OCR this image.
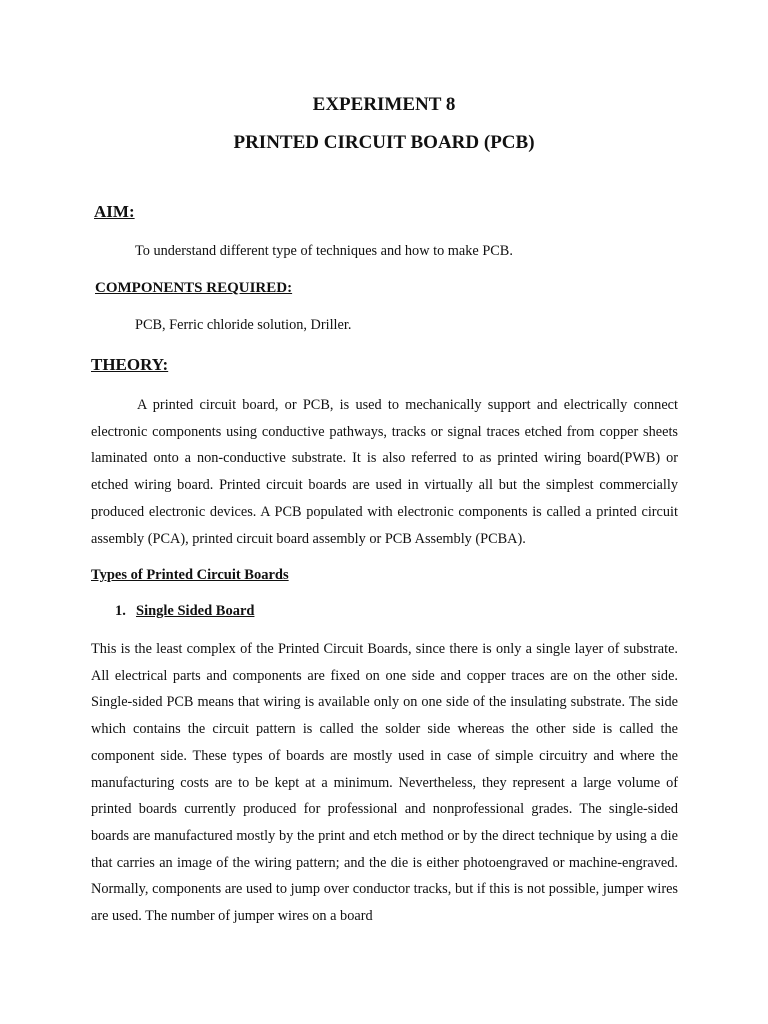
EXPERIMENT 8
PRINTED CIRCUIT BOARD (PCB)
AIM:

To understand different type of techniques and how to make PCB.

COMPONENTS REQUIRED:

PCB, Ferric chloride solution, Driller.

THEORY:

A printed circuit board, or PCB, is used to mechanically support and electrically connect electronic components using conductive pathways, tracks or signal traces etched from copper sheets laminated onto a non-conductive substrate. It is also referred to as printed wiring board(PWB) or etched wiring board. Printed circuit boards are used in virtually all but the simplest commercially produced electronic devices. A PCB populated with electronic components is called a printed circuit assembly (PCA), printed circuit board assembly or PCB Assembly (PCBA).

Types of Printed Circuit Boards
1. Single Sided Board

This is the least complex of the Printed Circuit Boards, since there is only a single layer of substrate. All electrical parts and components are fixed on one side and copper traces are on the other side. Single-sided PCB means that wiring is available only on one side of the insulating substrate. The side which contains the circuit pattern is called the solder side whereas the other side is called the component side. These types of boards are mostly used in case of simple circuitry and where the manufacturing costs are to be kept at a minimum. Nevertheless, they represent a large volume of printed boards currently produced for professional and nonprofessional grades. The single-sided boards are manufactured mostly by the print and etch method or by the direct technique by using a die that carries an image of the wiring pattern; and the die is either photoengraved or machine-engraved. Normally, components are used to jump over conductor tracks, but if this is not possible, jumper wires are used. The number of jumper wires on a board
